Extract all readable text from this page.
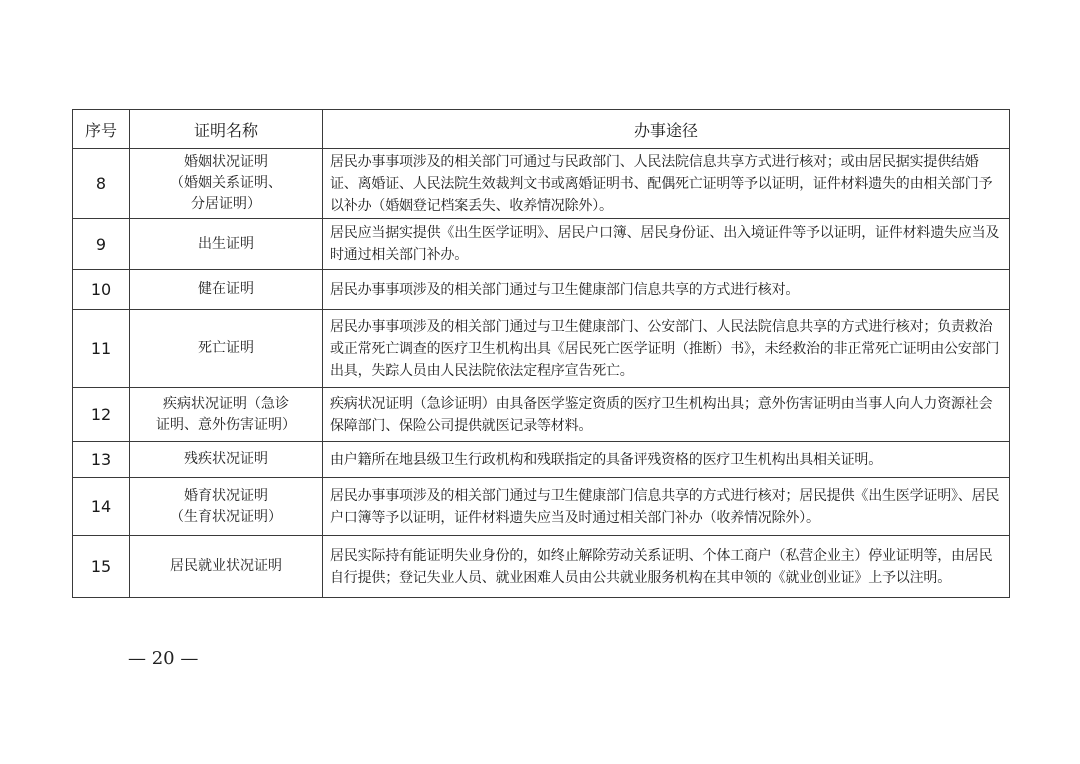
序号	证明名称	办事途径
8	婚姻状况证明
（婚姻关系证明、
分居证明）	居民办事事项涉及的相关部门可通过与民政部门、人民法院信息共享方式进行核对；或由居民据实提供结婚证、离婚证、人民法院生效裁判文书或离婚证明书、配偶死亡证明等予以证明，证件材料遗失的由相关部门予以补办（婚姻登记档案丢失、收养情况除外）。
9	出生证明	居民应当据实提供《出生医学证明》、居民户口簿、居民身份证、出入境证件等予以证明，证件材料遗失应当及时通过相关部门补办。
10	健在证明	居民办事事项涉及的相关部门通过与卫生健康部门信息共享的方式进行核对。
11	死亡证明	居民办事事项涉及的相关部门通过与卫生健康部门、公安部门、人民法院信息共享的方式进行核对；负责救治或正常死亡调查的医疗卫生机构出具《居民死亡医学证明（推断）书》，未经救治的非正常死亡证明由公安部门出具，失踪人员由人民法院依法定程序宣告死亡。
12	疾病状况证明（急诊
证明、意外伤害证明）	疾病状况证明（急诊证明）由具备医学鉴定资质的医疗卫生机构出具；意外伤害证明由当事人向人力资源社会保障部门、保险公司提供就医记录等材料。
13	残疾状况证明	由户籍所在地县级卫生行政机构和残联指定的具备评残资格的医疗卫生机构出具相关证明。
14	婚育状况证明
（生育状况证明）	居民办事事项涉及的相关部门通过与卫生健康部门信息共享的方式进行核对；居民提供《出生医学证明》、居民户口簿等予以证明，证件材料遗失应当及时通过相关部门补办（收养情况除外）。
15	居民就业状况证明	居民实际持有能证明失业身份的，如终止解除劳动关系证明、个体工商户（私营企业主）停业证明等，由居民自行提供；登记失业人员、就业困难人员由公共就业服务机构在其申领的《就业创业证》上予以注明。
— 20 —
